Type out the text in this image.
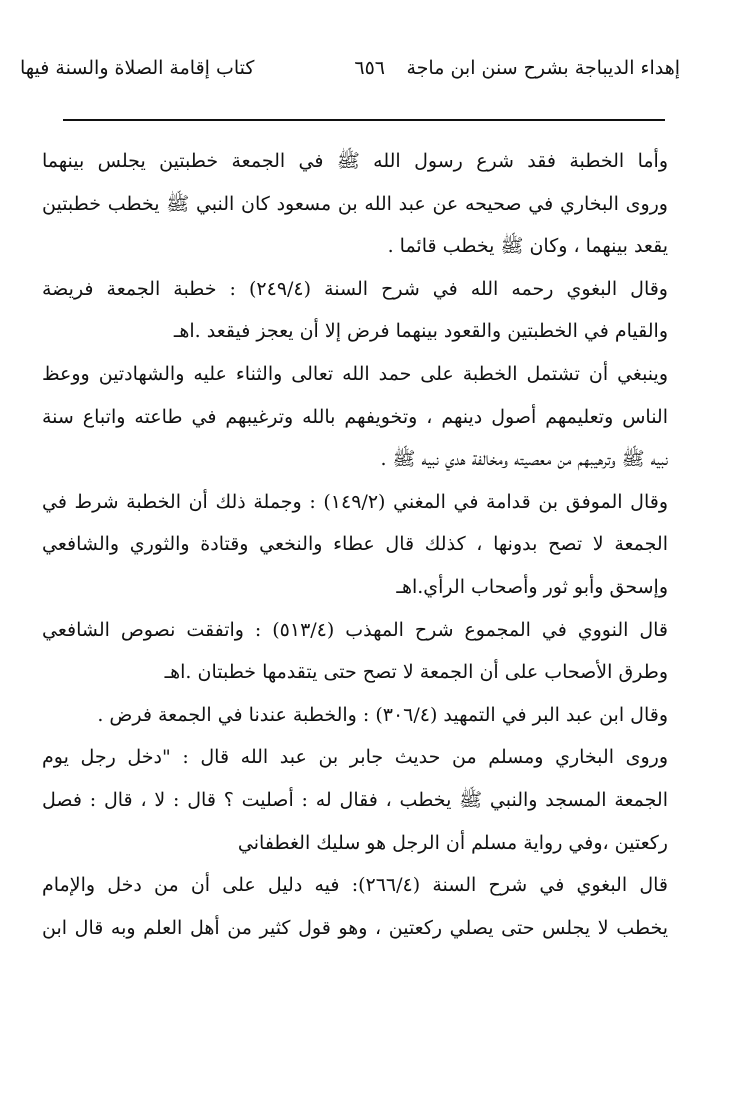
إهداء الديباجة بشرح سنن ابن ماجة
٦٥٦
كتاب إقامة الصلاة والسنة فيها
وأما الخطبة فقد شرع رسول الله ﷺ في الجمعة خطبتين يجلس بينهما
وروى البخاري في صحيحه عن عبد الله بن مسعود كان النبي ﷺ يخطب خطبتين
يقعد بينهما ، وكان ﷺ يخطب قائما .
وقال البغوي رحمه الله في شرح السنة (٢٤٩/٤) : خطبة الجمعة فريضة
والقيام في الخطبتين والقعود بينهما فرض إلا أن يعجز فيقعد .اهـ
وينبغي أن تشتمل الخطبة على حمد الله تعالى والثناء عليه والشهادتين ووعظ
الناس وتعليمهم أصول دينهم ، وتخويفهم بالله وترغيبهم في طاعته واتباع سنة
نبيه ﷺ وترهيبهم من معصيته ومخالفة هدي نبيه ﷺ .
وقال الموفق بن قدامة في المغني (١٤٩/٢) : وجملة ذلك أن الخطبة شرط في
الجمعة لا تصح بدونها ، كذلك قال عطاء والنخعي وقتادة والثوري والشافعي
وإسحق وأبو ثور وأصحاب الرأي.اهـ
قال النووي في المجموع شرح المهذب (٥١٣/٤) : واتفقت نصوص الشافعي
وطرق الأصحاب على أن الجمعة لا تصح حتى يتقدمها خطبتان .اهـ
وقال ابن عبد البر في التمهيد (٣٠٦/٤) : والخطبة عندنا في الجمعة فرض .
وروى البخاري ومسلم من حديث جابر بن عبد الله قال : "دخل رجل يوم
الجمعة المسجد والنبي ﷺ يخطب ، فقال له : أصليت ؟ قال : لا ، قال : فصل
ركعتين ،وفي رواية مسلم أن الرجل هو سليك الغطفاني
قال البغوي في شرح السنة (٢٦٦/٤): فيه دليل على أن من دخل والإمام
يخطب لا يجلس حتى يصلي ركعتين ، وهو قول كثير من أهل العلم وبه قال ابن
